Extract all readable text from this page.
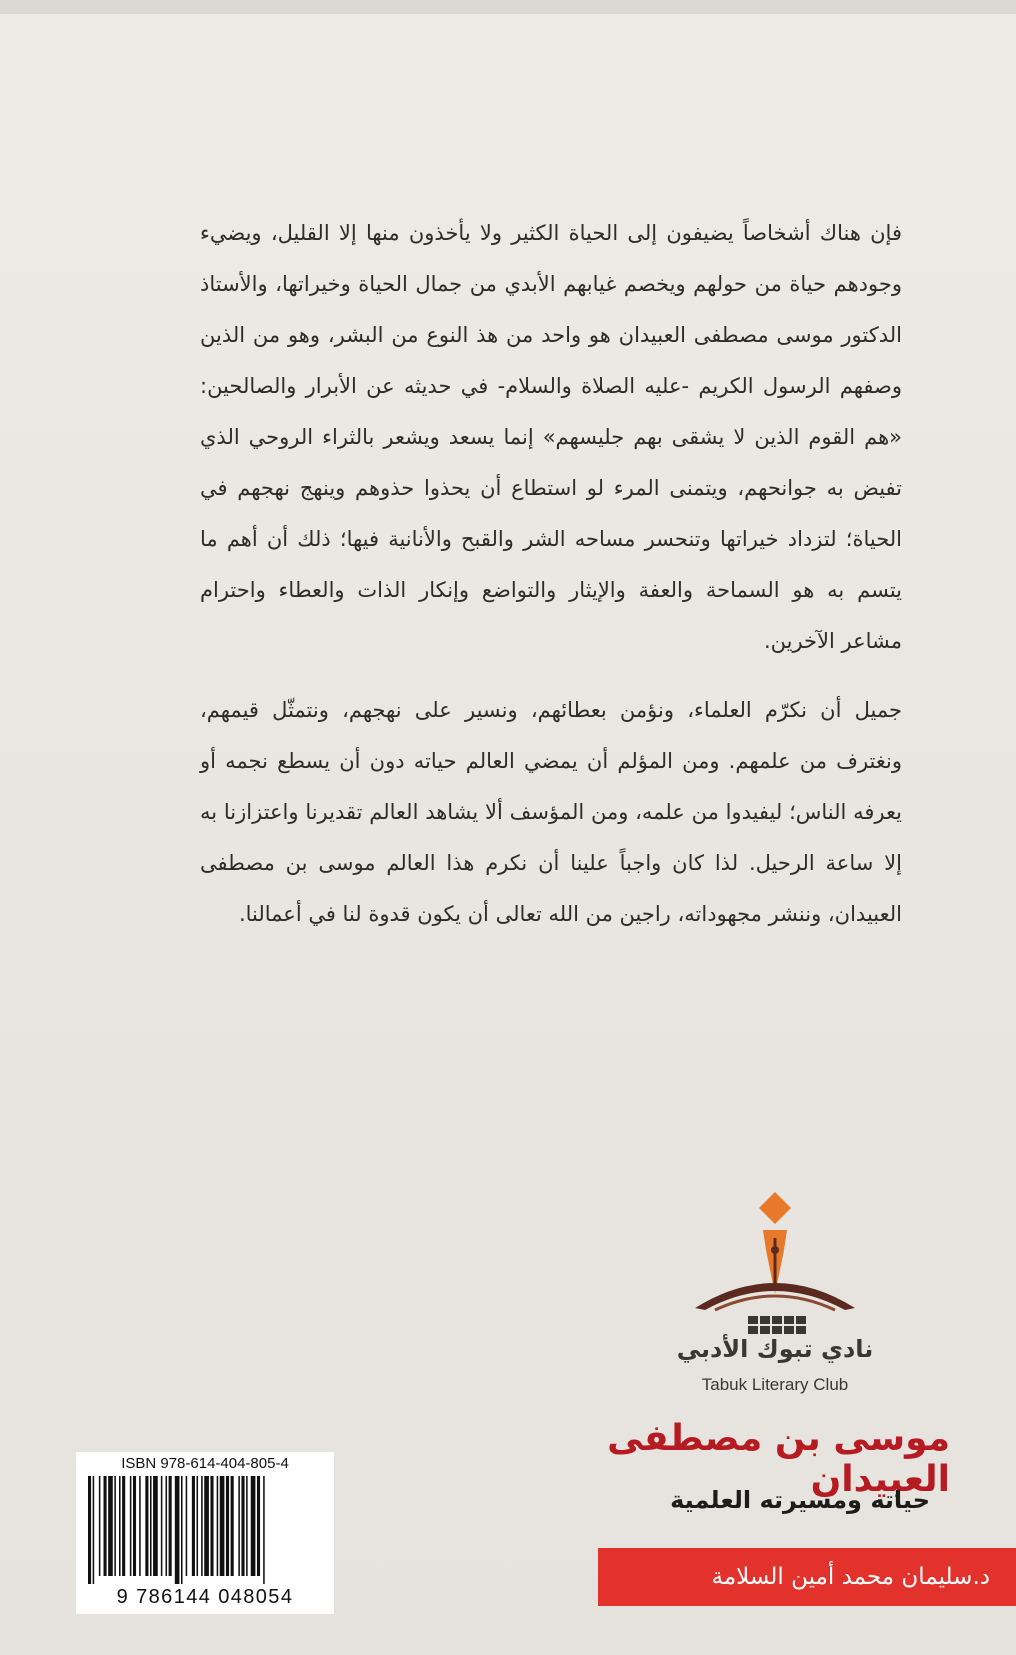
فإن هناك أشخاصاً يضيفون إلى الحياة الكثير ولا يأخذون منها إلا القليل، ويضيء وجودهم حياة من حولهم ويخصم غيابهم الأبدي من جمال الحياة وخيراتها، والأستاذ الدكتور موسى مصطفى العبيدان هو واحد من هذ النوع من البشر، وهو من الذين وصفهم الرسول الكريم -عليه الصلاة والسلام- في حديثه عن الأبرار والصالحين: «هم القوم الذين لا يشقى بهم جليسهم» إنما يسعد ويشعر بالثراء الروحي الذي تفيض به جوانحهم، ويتمنى المرء لو استطاع أن يحذوا حذوهم وينهج نهجهم في الحياة؛ لتزداد خيراتها وتنحسر مساحه الشر والقبح والأنانية فيها؛ ذلك أن أهم ما يتسم به هو السماحة والعفة والإيثار والتواضع وإنكار الذات والعطاء واحترام مشاعر الآخرين.

جميل أن نكرّم العلماء، ونؤمن بعطائهم، ونسير على نهجهم، ونتمثّل قيمهم، ونغترف من علمهم. ومن المؤلم أن يمضي العالم حياته دون أن يسطع نجمه أو يعرفه الناس؛ ليفيدوا من علمه، ومن المؤسف ألا يشاهد العالم تقديرنا واعتزازنا به إلا ساعة الرحيل. لذا كان واجباً علينا أن نكرم هذا العالم موسى بن مصطفى العبيدان، وننشر مجهوداته، راجين من الله تعالى أن يكون قدوة لنا في أعمالنا.

نادي تبوك الأدبي
Tabuk Literary Club
موسى بن مصطفى العبيدان
حياته ومسيرته العلمية
د.سليمان محمد أمين السلامة
ISBN 978-614-404-805-4
9 786144 048054
